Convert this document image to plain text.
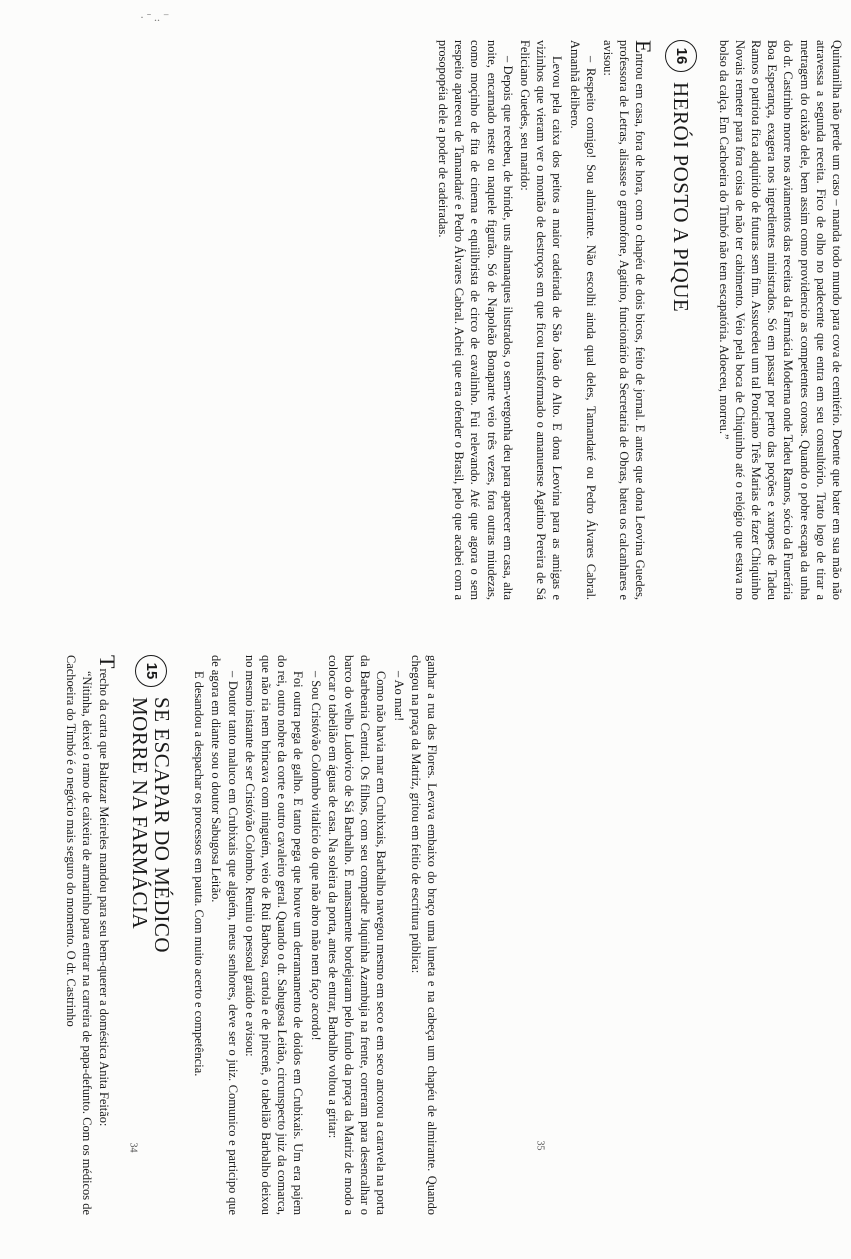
· ˉ .. ⁻

ganhar a rua das Flores. Levava embaixo do braço uma luneta e na cabeça um chapéu de almirante. Quando chegou na praça da Matriz, gritou em feitio de escritura pública:

– Ao mar!

Como não havia mar em Crubixais, Barbalho navegou mesmo em seco e em seco ancorou a caravela na porta da Barbearia Central. Os filhos, com seu compadre Juquinha Azambuja na frente, correram para desencalhar o barco do velho Ludovico de Sá Barbalho. E mansamente bordejaram pelo fundo da praça da Matriz de modo a colocar o tabelião em águas de casa. Na soleira da porta, antes de entrar, Barbalho voltou a gritar:

– Sou Cristóvão Colombo vitalício do que não abro mão nem faço acordo!

Foi outra pega de galho. E tanto pega que houve um derramamento de doidos em Crubixais. Um era pajem do rei, outro nobre da corte e outro cavaleiro geral. Quando o dr. Sabugosa Leitão, circunspecto juiz da comarca, que não ria nem brincava com ninguém, veio de Rui Barbosa, cartola e de pincenê, o tabelião Barbalho deixou no mesmo instante de ser Cristóvão Colombo. Reuniu o pessoal graúdo e avisou:

– Doutor tanto maluco em Crubixais que alguém, meus senhores, deve ser o juiz. Comunico e participo que de agora em diante sou o doutor Sabugosa Leitão.

E desandou a despachar os processos em pauta. Com muito acerto e competência.

15
SE ESCAPAR DO MÉDICO
MORRE NA FARMÁCIA

Trecho da carta que Baltazar Meireles mandou para seu bem-querer a doméstica Anita Feitão:

“Nitinha, deixei o ramo de caixeira de armarinho para entrar na carreira de papa-defunto. Com os médicos de Cachoeira do Timbó é o negócio mais seguro do momento. O dr. Castrinho

Quintanilha não perde um caso – manda todo mundo para cova de cemitério. Doente que bater em sua mão não atravessa a segunda receita. Fico de olho no padecente que entra em seu consultório. Trato logo de tirar a metragem do caixão dele, bem assim como providencio as competentes coroas. Quando o pobre escapa da unha do dr. Castrinho morre nos aviamentos das receitas da Farmácia Moderna onde Tadeu Ramos, sócio da Funerária Boa Esperança, exagera nos ingredientes ministrados. Só em passar por perto das poções e xaropes de Tadeu Ramos o patriota fica adquirido de futuras sem fim. Assucedeu um tal Ponciano Três Marias de fazer Chiquinho Novais remeter para fora coisa de não ter cabimento. Veio pela boca de Chiquinho até o relógio que estava no bolso da calça. Em Cachoeira do Timbó não tem escapatória. Adoeceu, morreu.”

16
HERÓI POSTO A PIQUE

Entrou em casa, fora de hora, com o chapéu de dois bicos, feito de jornal. E antes que dona Leovina Guedes, professora de Letras, alisasse o gramofone, Agatino, funcionário da Secretaria de Obras, bateu os calcanhares e avisou:

– Respeito comigo! Sou almirante. Não escolhi ainda qual deles, Tamandaré ou Pedro Álvares Cabral. Amanhã delibero.

Levou pela caixa dos peitos a maior cadeirada de São João do Alto. E dona Leovina para as amigas e vizinhos que vieram ver o montão de destroços em que ficou transformado o amanuense Agatino Pereira de Sá Feliciano Guedes, seu marido:

– Depois que recebeu, de brinde, uns almanaques ilustrados, o sem-vergonha deu para aparecer em casa, alta noite, encarnado neste ou naquele figurão. Só de Napoleão Bonaparte veio três vezes, fora outras miudezas, como moçinho de fita de cinema e equilibrista de circo de cavalinho. Fui relevando. Até que agora o sem respeito apareceu de Tamandaré e Pedro Álvares Cabral. Achei que era ofender o Brasil, pelo que acabei com a prosopopéia dele a poder de cadeiradas.

34	35
